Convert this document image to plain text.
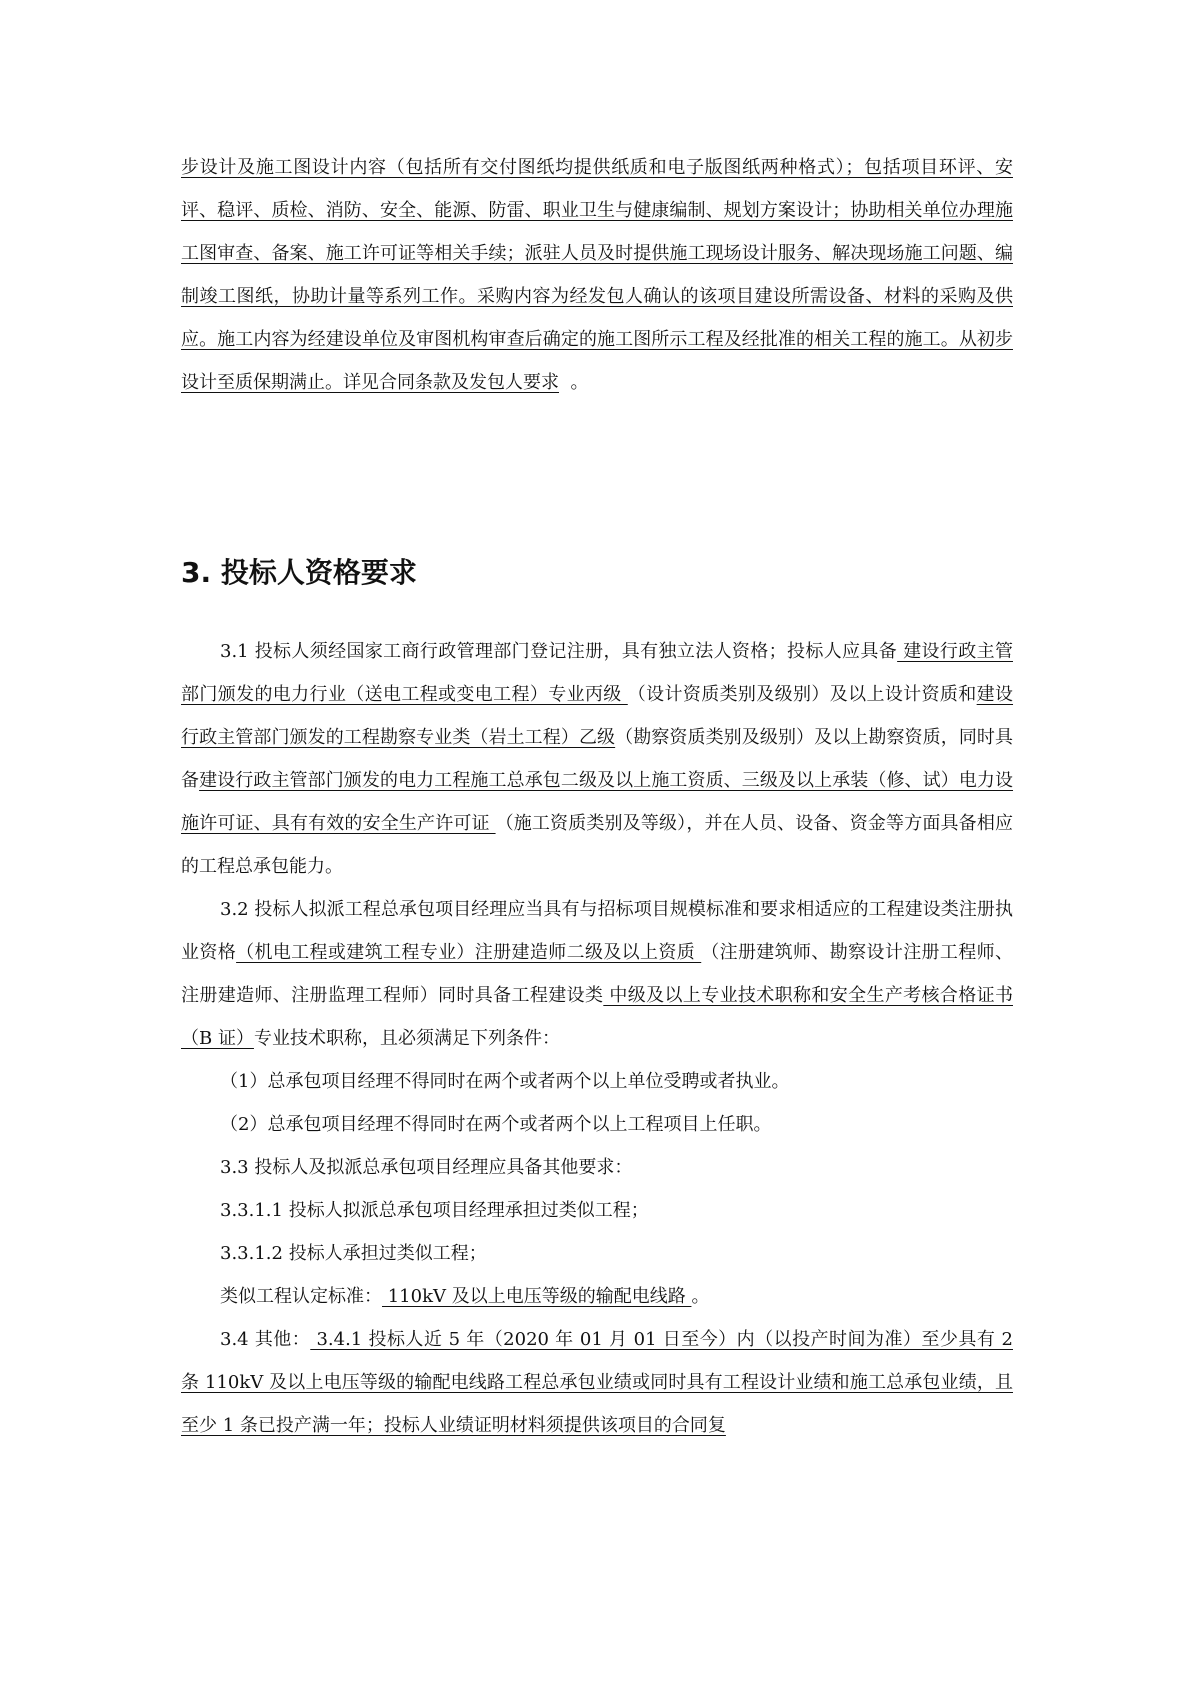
步设计及施工图设计内容（包括所有交付图纸均提供纸质和电子版图纸两种格式）；包括项目环评、安评、稳评、质检、消防、安全、能源、防雷、职业卫生与健康编制、规划方案设计；协助相关单位办理施工图审查、备案、施工许可证等相关手续；派驻人员及时提供施工现场设计服务、解决现场施工问题、编制竣工图纸，协助计量等系列工作。采购内容为经发包人确认的该项目建设所需设备、材料的采购及供应。施工内容为经建设单位及审图机构审查后确定的施工图所示工程及经批准的相关工程的施工。从初步设计至质保期满止。详见合同条款及发包人要求 。

3. 投标人资格要求

3.1 投标人须经国家工商行政管理部门登记注册，具有独立法人资格；投标人应具备 建设行政主管部门颁发的电力行业（送电工程或变电工程）专业丙级 （设计资质类别及级别）及以上设计资质和建设行政主管部门颁发的工程勘察专业类（岩土工程）乙级（勘察资质类别及级别）及以上勘察资质，同时具备建设行政主管部门颁发的电力工程施工总承包二级及以上施工资质、三级及以上承装（修、试）电力设施许可证、具有有效的安全生产许可证 （施工资质类别及等级），并在人员、设备、资金等方面具备相应的工程总承包能力。

3.2 投标人拟派工程总承包项目经理应当具有与招标项目规模标准和要求相适应的工程建设类注册执业资格（机电工程或建筑工程专业）注册建造师二级及以上资质 （注册建筑师、勘察设计注册工程师、注册建造师、注册监理工程师）同时具备工程建设类 中级及以上专业技术职称和安全生产考核合格证书（B 证）专业技术职称，且必须满足下列条件：

（1）总承包项目经理不得同时在两个或者两个以上单位受聘或者执业。

（2）总承包项目经理不得同时在两个或者两个以上工程项目上任职。

3.3 投标人及拟派总承包项目经理应具备其他要求：

3.3.1.1 投标人拟派总承包项目经理承担过类似工程；

3.3.1.2 投标人承担过类似工程；

类似工程认定标准： 110kV 及以上电压等级的输配电线路 。

3.4 其他： 3.4.1 投标人近 5 年（2020 年 01 月 01 日至今）内（以投产时间为准）至少具有 2 条 110kV 及以上电压等级的输配电线路工程总承包业绩或同时具有工程设计业绩和施工总承包业绩，且至少 1 条已投产满一年；投标人业绩证明材料须提供该项目的合同复
